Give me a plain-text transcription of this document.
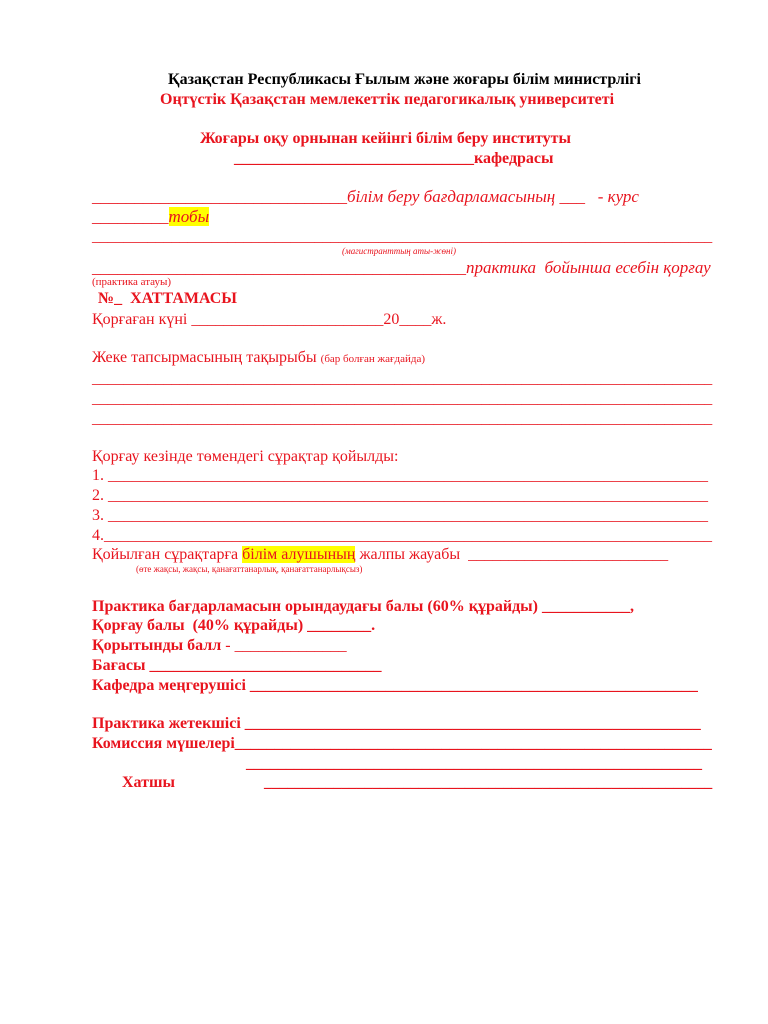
Қазақстан Республикасы Ғылым және жоғары білім министрлігі
Оңтүстік Қазақстан мемлекеттік педагогикалық университеті
Жоғары оқу орнынан кейінгі білім беру институты
______________________________кафедрасы
______________________________білім беру бағдарламасының ___   - курс
_________тобы
______________________________________________________________________________
(магистранттың аты-жөні)
____________________________________________практика  бойынша есебін қорғау
(практика атауы)
№_  ХАТТАМАСЫ
Қорғаған күні ________________________20____ж.
Жеке тапсырмасының тақырыбы (бар болған жағдайда)
______________________________________________________________________________
______________________________________________________________________________
______________________________________________________________________________
Қорғау кезінде төмендегі сұрақтар қойылды:
1. ___________________________________________________________________________
2. ___________________________________________________________________________
3. ___________________________________________________________________________
4.____________________________________________________________________________
Қойылған сұрақтарға білім алушының жалпы жауабы  _________________________
(өте жақсы, жақсы, қанағаттанарлық, қанағаттанарлықсыз)
Практика бағдарламасын орындаудағы балы (60% құрайды) ___________,
Қорғау балы  (40% құрайды) ________.
Қорытынды балл - ______________
Бағасы _____________________________
Кафедра меңгерушісі ________________________________________________________
Практика жетекшісі _________________________________________________________
Комиссия мүшелері____________________________________________________________
_________________________________________________________
Хатшы	__________________________________________________________
